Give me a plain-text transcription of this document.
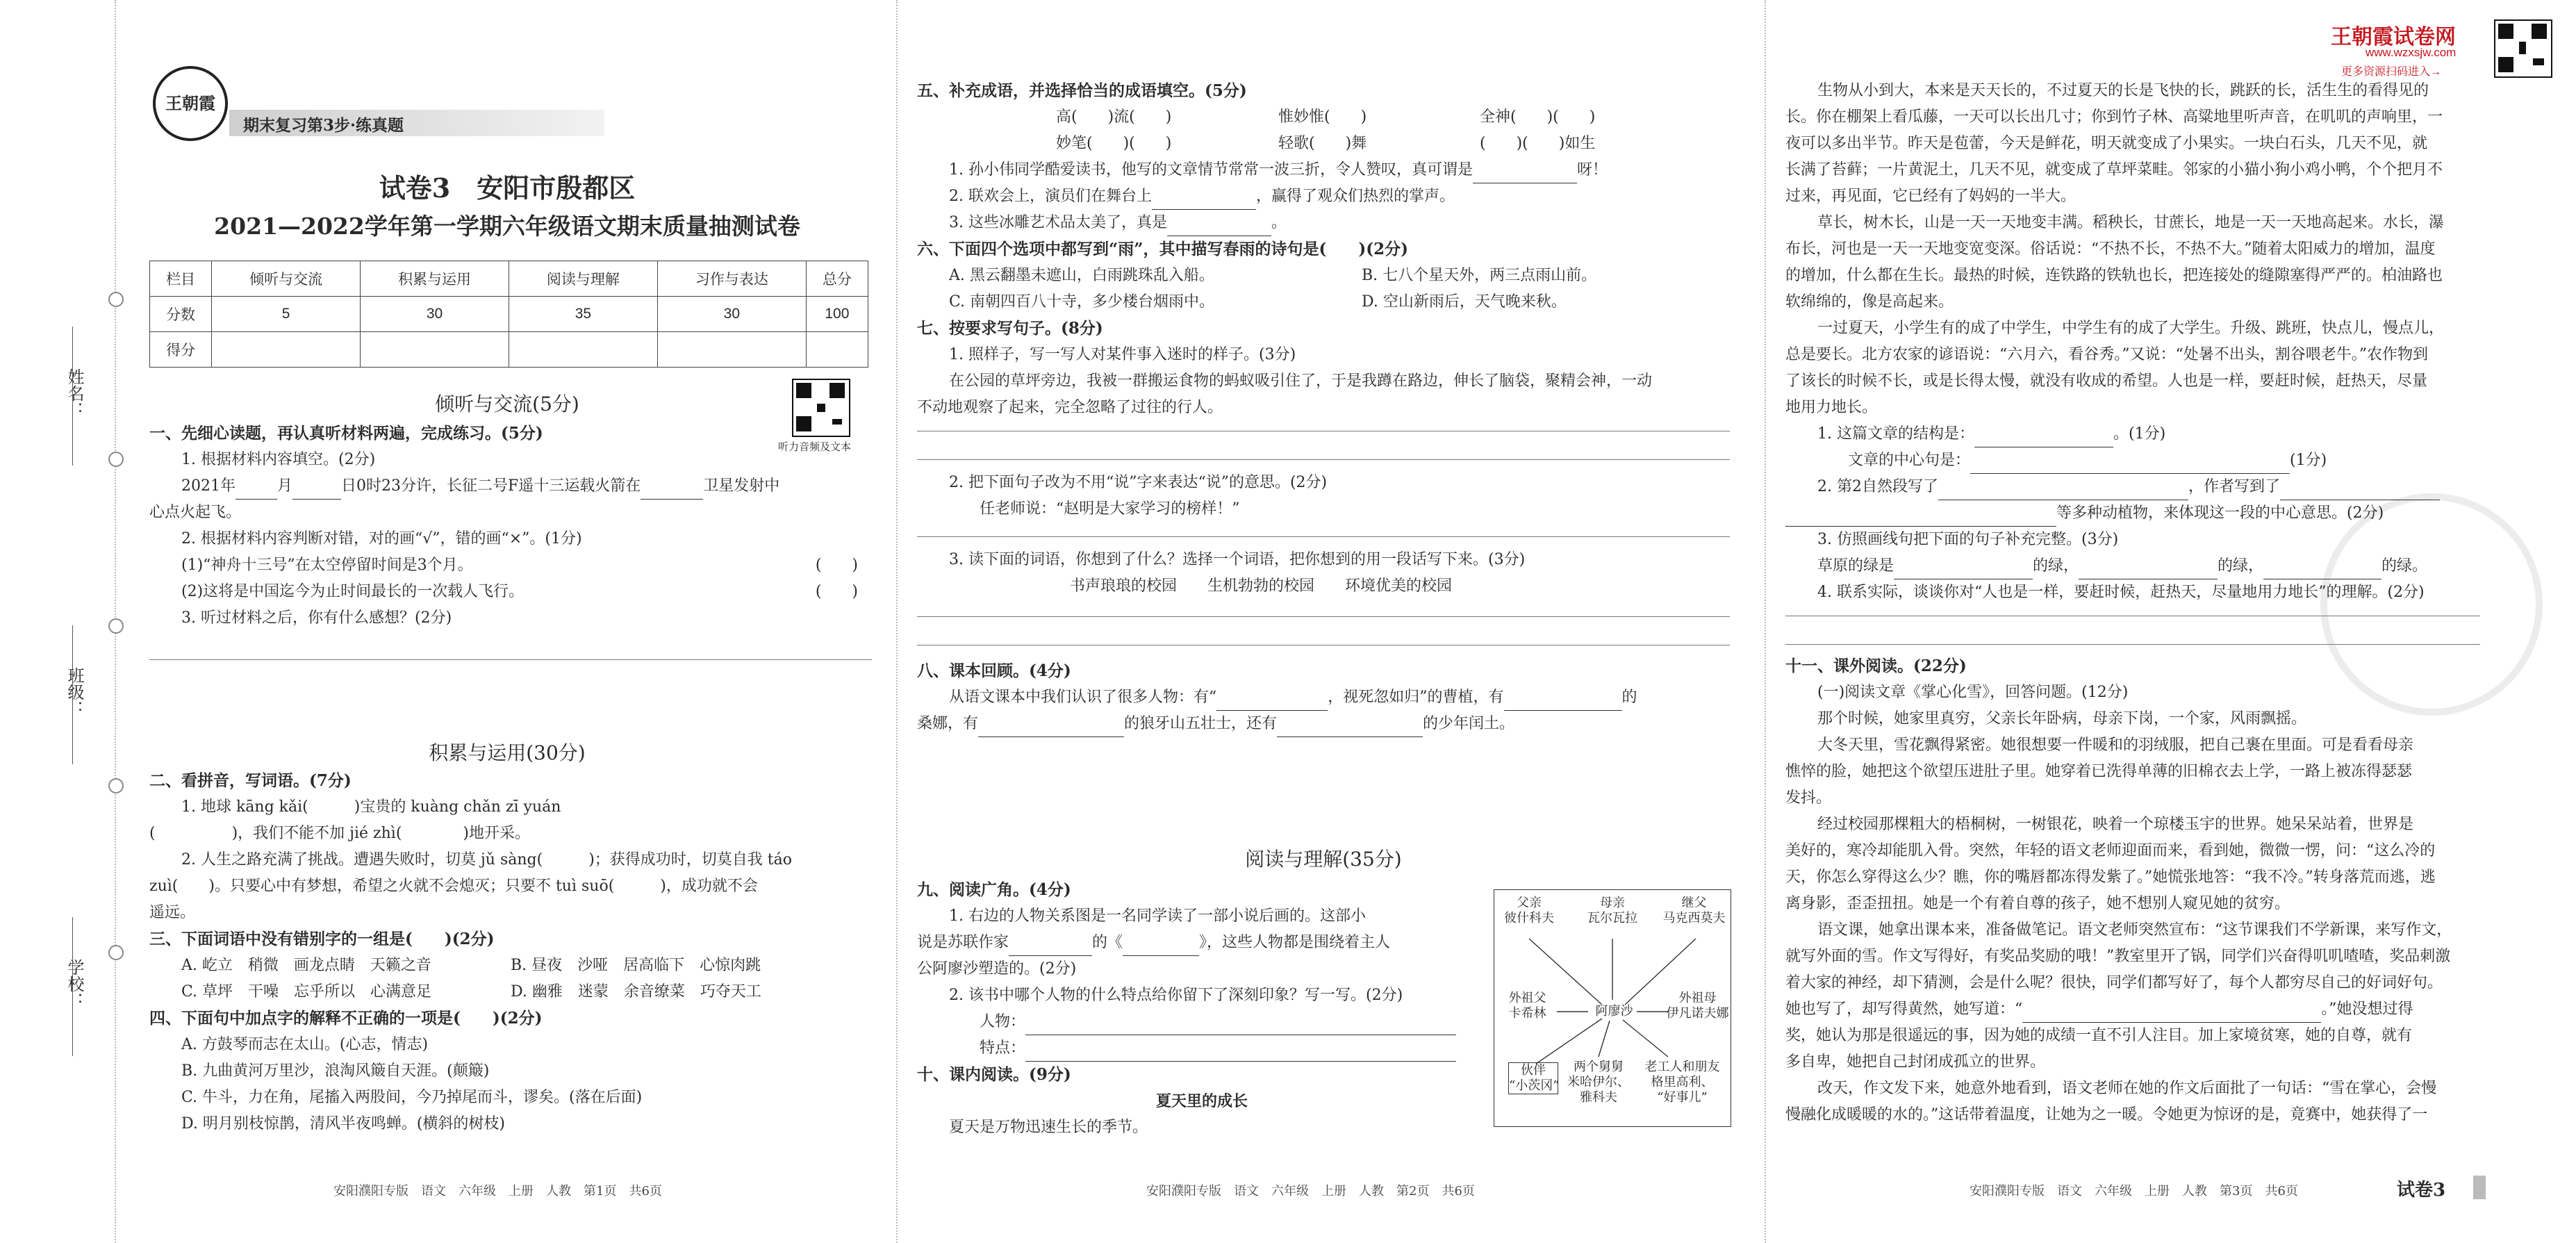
姓名：
班级：
学校：
王朝霞
期末复习第3步·练真题
试卷3　安阳市殷都区
2021—2022学年第一学期六年级语文期末质量抽测试卷
栏目	倾听与交流	积累与运用	阅读与理解	习作与表达	总分
分数	5	30	35	30	100
得分					
听力音频及文本
倾听与交流(5分)
一、先细心读题，再认真听材料两遍，完成练习。(5分)
1. 根据材料内容填空。(2分)
2021年	月	日0时23分许，长征二号F遥十三运载火箭在	卫星发射中
心点火起飞。
2. 根据材料内容判断对错，对的画“√”，错的画“×”。(1分)
(1)“神舟十三号”在太空停留时间是3个月。	(　　)
(2)这将是中国迄今为止时间最长的一次载人飞行。	(　　)
3. 听过材料之后，你有什么感想？(2分)
积累与运用(30分)
二、看拼音，写词语。(7分)
1. 地球 kāng kǎi(　　　)宝贵的 kuàng chǎn zī yuán
(　　　　　)，我们不能不加 jié zhì(　　　　)地开采。
2. 人生之路充满了挑战。遭遇失败时，切莫 jǔ sàng(　　　)；获得成功时，切莫自我 táo
zuì(　　)。只要心中有梦想，希望之火就不会熄灭；只要不 tuì suō(　　　)，成功就不会
遥远。
三、下面词语中没有错别字的一组是(　　)(2分)
A. 屹立　稍微　画龙点睛　天籁之音	B. 昼夜　沙哑　居高临下　心惊肉跳
C. 草坪　干噪　忘乎所以　心满意足	D. 幽雅　迷蒙　余音缭菜　巧夺天工
四、下面句中加点字的解释不正确的一项是(　　)(2分)
A. 方鼓琴而志在太山。(心志，情志)
B. 九曲黄河万里沙，浪淘风簸自天涯。(颠簸)
C. 牛斗，力在角，尾搐入两股间，今乃掉尾而斗，谬矣。(落在后面)
D. 明月别枝惊鹊，清风半夜鸣蝉。(横斜的树枝)
安阳濮阳专版　语文　六年级　上册　人教　第1页　共6页
五、补充成语，并选择恰当的成语填空。(5分)
高(　　)流(　　)	惟妙惟(　　)	全神(　　)(　　)
妙笔(　　)(　　)	轻歌(　　)舞	(　　)(　　)如生
1. 孙小伟同学酷爱读书，他写的文章情节常常一波三折，令人赞叹，真可谓是	呀！
2. 联欢会上，演员们在舞台上	，赢得了观众们热烈的掌声。
3. 这些冰雕艺术品太美了，真是	。
六、下面四个选项中都写到“雨”，其中描写春雨的诗句是(　　)(2分)
A. 黑云翻墨未遮山，白雨跳珠乱入船。	B. 七八个星天外，两三点雨山前。
C. 南朝四百八十寺，多少楼台烟雨中。	D. 空山新雨后，天气晚来秋。
七、按要求写句子。(8分)
1. 照样子，写一写人对某件事入迷时的样子。(3分)
在公园的草坪旁边，我被一群搬运食物的蚂蚁吸引住了，于是我蹲在路边，伸长了脑袋，聚精会神，一动
不动地观察了起来，完全忽略了过往的行人。
2. 把下面句子改为不用“说”字来表达“说”的意思。(2分)
任老师说：“赵明是大家学习的榜样！”
3. 读下面的词语，你想到了什么？选择一个词语，把你想到的用一段话写下来。(3分)
书声琅琅的校园　　生机勃勃的校园　　环境优美的校园
八、课本回顾。(4分)
从语文课本中我们认识了很多人物：有“	，视死忽如归”的曹植，有	的
桑娜，有	的狼牙山五壮士，还有	的少年闰土。
阅读与理解(35分)
九、阅读广角。(4分)
1. 右边的人物关系图是一名同学读了一部小说后画的。这部小
说是苏联作家	的《	》，这些人物都是围绕着主人
公阿廖沙塑造的。(2分)
2. 该书中哪个人物的什么特点给你留下了深刻印象？写一写。(2分)
人物：
特点：
十、课内阅读。(9分)
夏天里的成长
夏天是万物迅速生长的季节。
父亲
彼什科夫
母亲
瓦尔瓦拉
继父
马克西莫夫
外祖父
卡希林	阿廖沙
外祖母
伊凡诺夫娜
伙伴
“小茨冈”
两个舅舅
米哈伊尔、
雅科夫
老工人和朋友
格里高利、
“好事儿”
安阳濮阳专版　语文　六年级　上册　人教　第2页　共6页
王朝霞试卷网
www.wzxsjw.com
更多资源扫码进入→
生物从小到大，本来是天天长的，不过夏天的长是飞快的长，跳跃的长，活生生的看得见的
长。你在棚架上看瓜藤，一天可以长出几寸；你到竹子林、高粱地里听声音，在叽叽的声响里，一
夜可以多出半节。昨天是苞蕾，今天是鲜花，明天就变成了小果实。一块白石头，几天不见，就
长满了苔藓；一片黄泥土，几天不见，就变成了草坪菜畦。邻家的小猫小狗小鸡小鸭，个个把月不
过来，再见面，它已经有了妈妈的一半大。
草长，树木长，山是一天一天地变丰满。稻秧长，甘蔗长，地是一天一天地高起来。水长，瀑
布长，河也是一天一天地变宽变深。俗话说：“不热不长，不热不大。”随着太阳威力的增加，温度
的增加，什么都在生长。最热的时候，连铁路的铁轨也长，把连接处的缝隙塞得严严的。柏油路也
软绵绵的，像是高起来。
一过夏天，小学生有的成了中学生，中学生有的成了大学生。升级、跳班，快点儿，慢点儿，
总是要长。北方农家的谚语说：“六月六，看谷秀。”又说：“处暑不出头，割谷喂老牛。”农作物到
了该长的时候不长，或是长得太慢，就没有收成的希望。人也是一样，要赶时候，赶热天，尽量
地用力地长。
1. 这篇文章的结构是：	。(1分)
文章的中心句是：	(1分)
2. 第2自然段写了	，作者写到了
等多种动植物，来体现这一段的中心意思。(2分)
3. 仿照画线句把下面的句子补充完整。(3分)
草原的绿是	的绿，	的绿，	的绿。
4. 联系实际，谈谈你对“人也是一样，要赶时候，赶热天，尽量地用力地长”的理解。(2分)
十一、课外阅读。(22分)
(一)阅读文章《掌心化雪》，回答问题。(12分)
那个时候，她家里真穷，父亲长年卧病，母亲下岗，一个家，风雨飘摇。
大冬天里，雪花飘得紧密。她很想要一件暖和的羽绒服，把自己裹在里面。可是看看母亲
憔悴的脸，她把这个欲望压进肚子里。她穿着已洗得单薄的旧棉衣去上学，一路上被冻得瑟瑟
发抖。
经过校园那棵粗大的梧桐树，一树银花，映着一个琼楼玉宇的世界。她呆呆站着，世界是
美好的，寒冷却能肌入骨。突然，年轻的语文老师迎面而来，看到她，微微一愣，问：“这么冷的
天，你怎么穿得这么少？瞧，你的嘴唇都冻得发紫了。”她慌张地答：“我不冷。”转身落荒而逃，逃
离身影，歪歪扭扭。她是一个有着自尊的孩子，她不想别人窥见她的贫穷。
语文课，她拿出课本来，准备做笔记。语文老师突然宣布：“这节课我们不学新课，来写作文，
就写外面的雪。作文写得好，有奖品奖励的哦！”教室里开了锅，同学们兴奋得叽叽喳喳，奖品刺激
着大家的神经，却下猜测，会是什么呢？很快，同学们都写好了，每个人都穷尽自己的好词好句。
她也写了，却写得黄然，她写道：“	。”她没想过得
奖，她认为那是很遥远的事，因为她的成绩一直不引人注目。加上家境贫寒，她的自尊，就有
多自卑，她把自己封闭成孤立的世界。
改天，作文发下来，她意外地看到，语文老师在她的作文后面批了一句话：“雪在掌心，会慢
慢融化成暖暖的水的。”这话带着温度，让她为之一暖。令她更为惊讶的是，竟赛中，她获得了一
安阳濮阳专版　语文　六年级　上册　人教　第3页　共6页	试卷3
